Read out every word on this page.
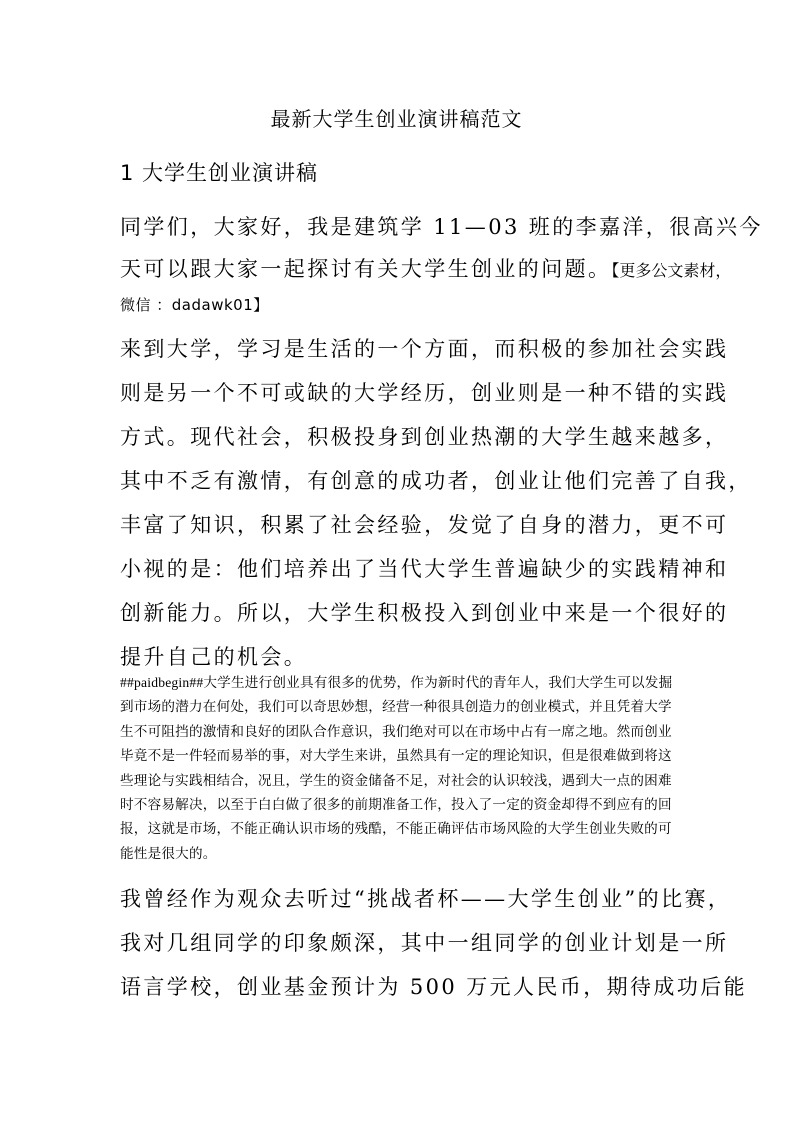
最新大学生创业演讲稿范文
1 大学生创业演讲稿
同学们，大家好，我是建筑学 11—03 班的李嘉洋，很高兴今
天可以跟大家一起探讨有关大学生创业的问题。【更多公文素材，
微信 ：dadawk01】
来到大学，学习是生活的一个方面，而积极的参加社会实践
则是另一个不可或缺的大学经历，创业则是一种不错的实践
方式。现代社会，积极投身到创业热潮的大学生越来越多，
其中不乏有激情，有创意的成功者，创业让他们完善了自我，
丰富了知识，积累了社会经验，发觉了自身的潜力，更不可
小视的是：他们培养出了当代大学生普遍缺少的实践精神和
创新能力。所以，大学生积极投入到创业中来是一个很好的
提升自己的机会。
##paidbegin##大学生进行创业具有很多的优势，作为新时代的青年人，我们大学生可以发掘
到市场的潜力在何处，我们可以奇思妙想，经营一种很具创造力的创业模式，并且凭着大学
生不可阻挡的激情和良好的团队合作意识，我们绝对可以在市场中占有一席之地。然而创业
毕竟不是一件轻而易举的事，对大学生来讲，虽然具有一定的理论知识，但是很难做到将这
些理论与实践相结合，况且，学生的资金储备不足，对社会的认识较浅，遇到大一点的困难
时不容易解决，以至于白白做了很多的前期准备工作，投入了一定的资金却得不到应有的回
报，这就是市场，不能正确认识市场的残酷，不能正确评估市场风险的大学生创业失败的可
能性是很大的。
我曾经作为观众去听过“挑战者杯——大学生创业”的比赛，
我对几组同学的印象颇深，其中一组同学的创业计划是一所
语言学校，创业基金预计为 500 万元人民币，期待成功后能
